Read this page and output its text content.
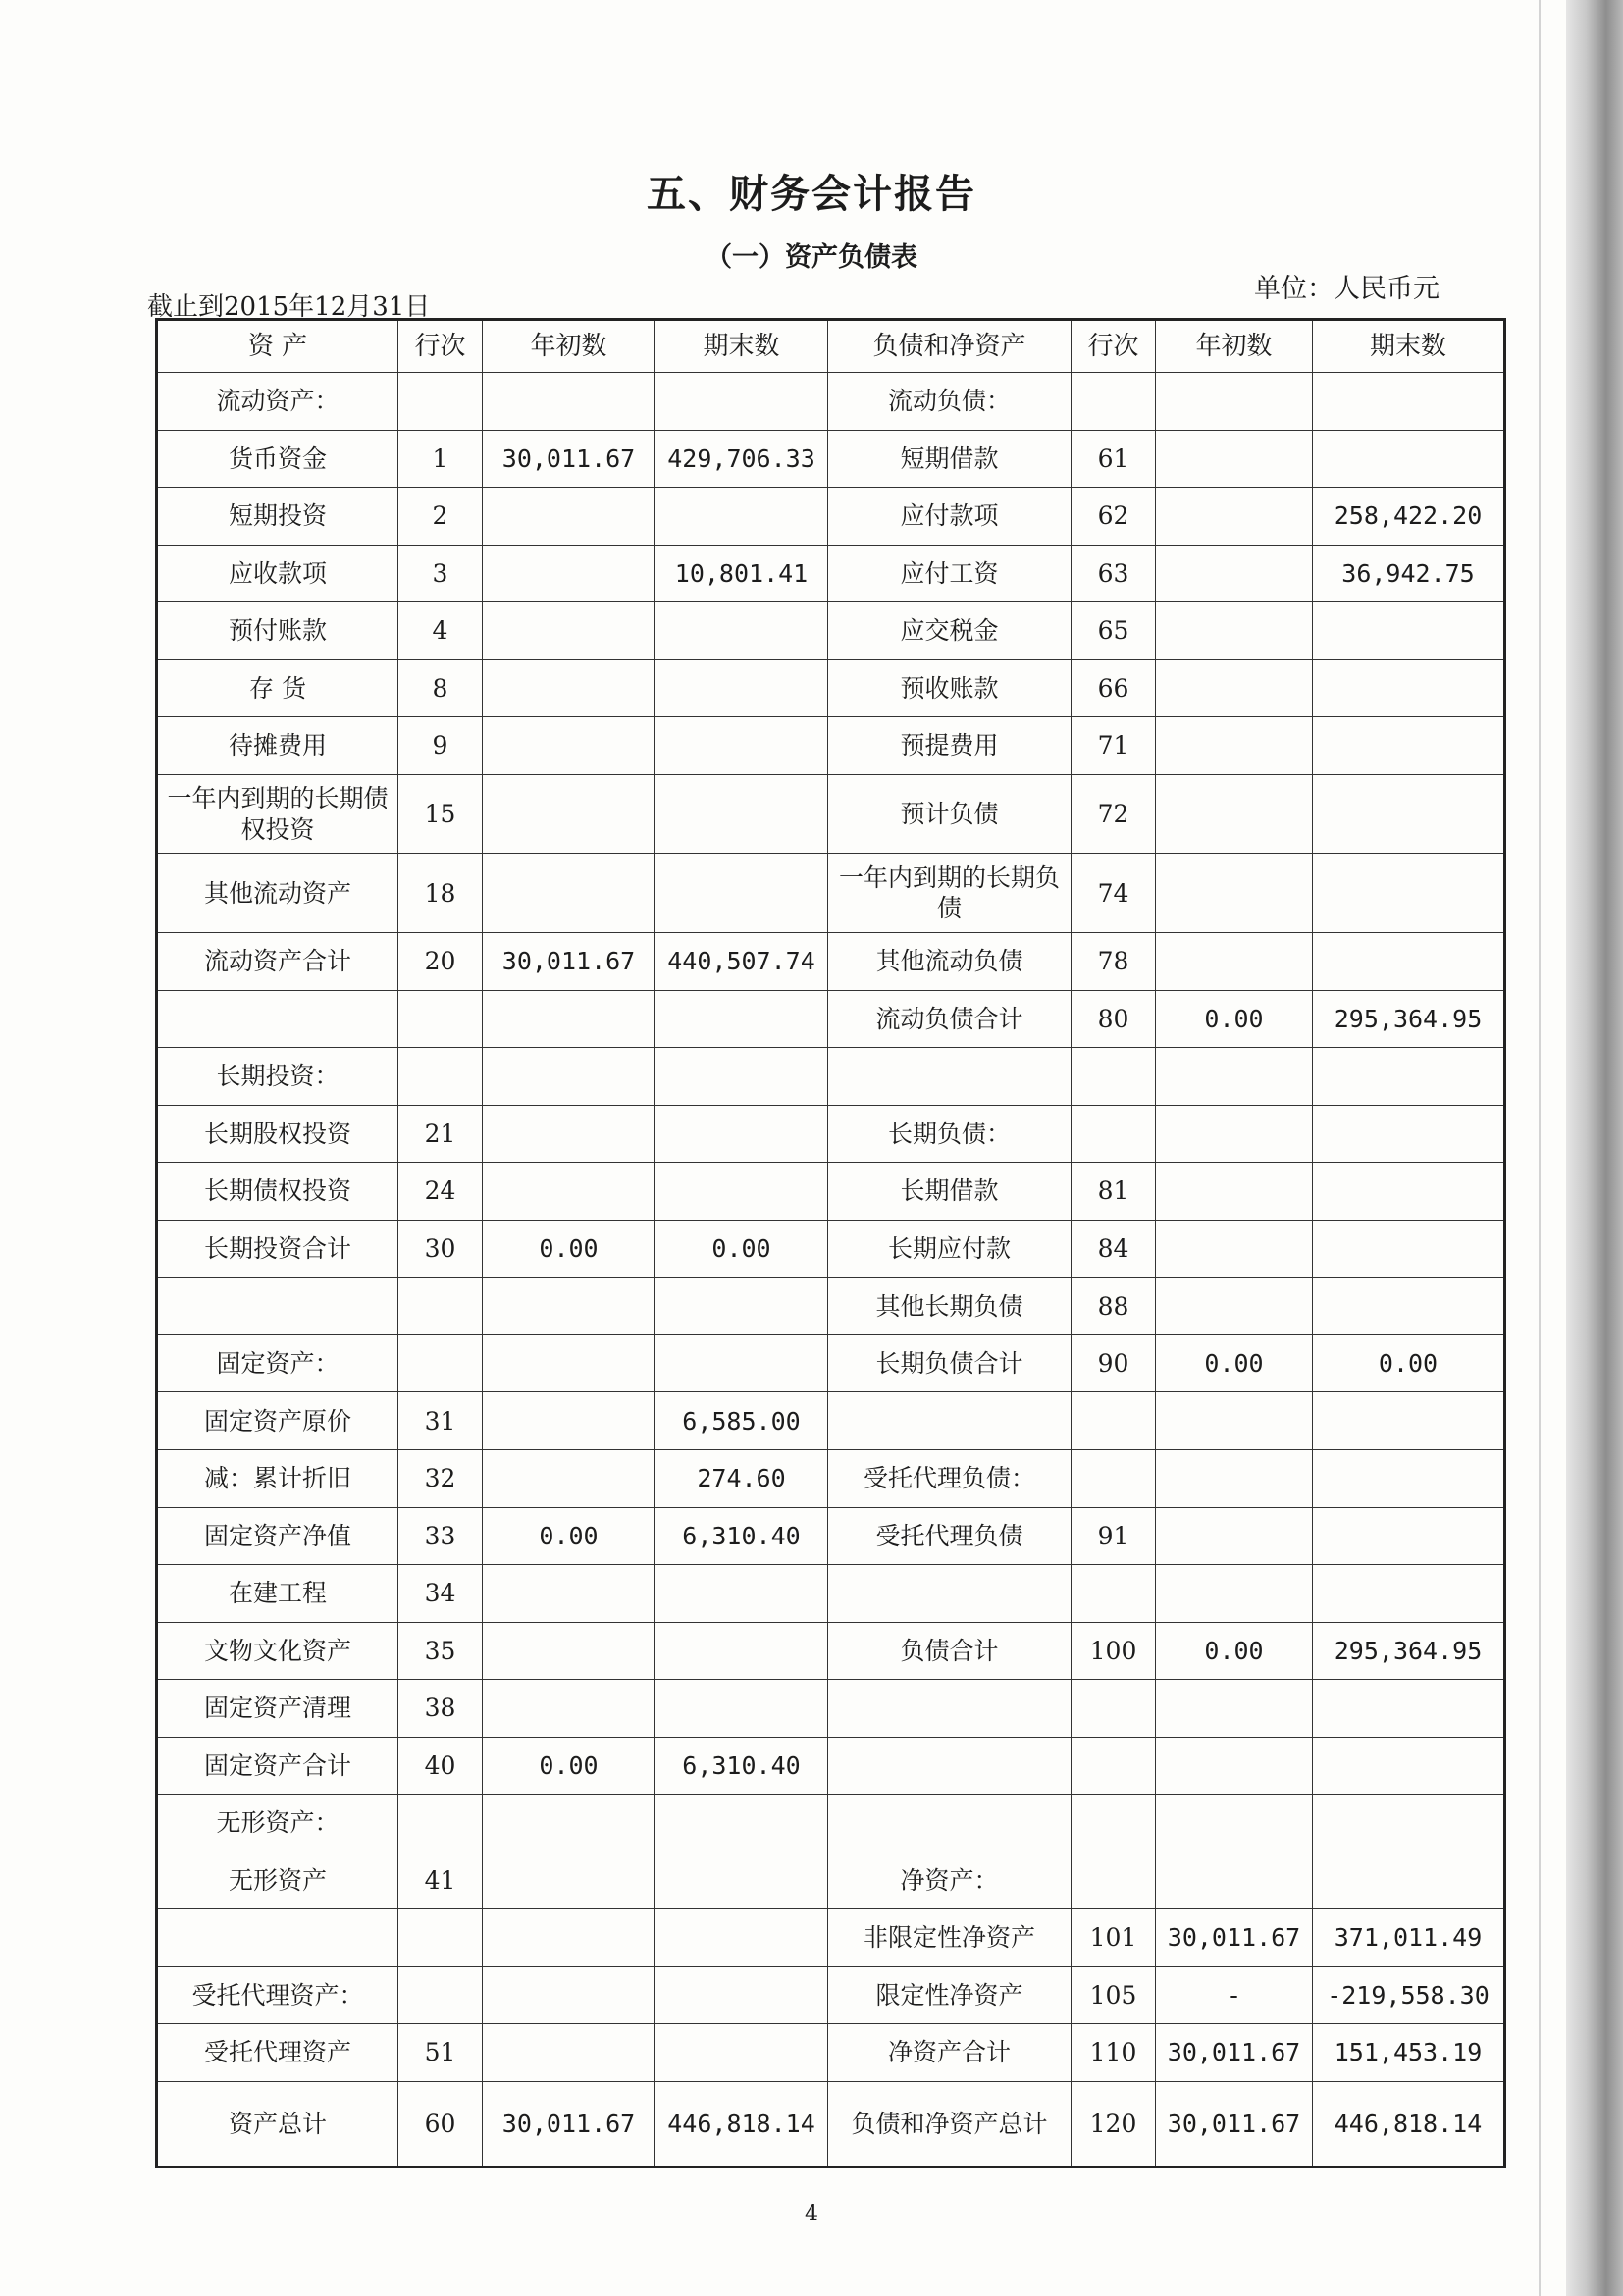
五、财务会计报告
（一）资产负债表
单位：人民币元
截止到2015年12月31日
资 产	行次	年初数	期末数	负债和净资产	行次	年初数	期末数
流动资产：				流动负债：			
货币资金	1	30,011.67	429,706.33	短期借款	61		
短期投资	2			应付款项	62		258,422.20
应收款项	3		10,801.41	应付工资	63		36,942.75
预付账款	4			应交税金	65		
存 货	8			预收账款	66		
待摊费用	9			预提费用	71		
一年内到期的长期债权投资	15			预计负债	72		
其他流动资产	18			一年内到期的长期负债	74		
流动资产合计	20	30,011.67	440,507.74	其他流动负债	78		
				流动负债合计	80	0.00	295,364.95
长期投资：							
长期股权投资	21			长期负债：			
长期债权投资	24			长期借款	81		
长期投资合计	30	0.00	0.00	长期应付款	84		
				其他长期负债	88		
固定资产：				长期负债合计	90	0.00	0.00
固定资产原价	31		6,585.00				
减：累计折旧	32		274.60	受托代理负债：			
固定资产净值	33	0.00	6,310.40	受托代理负债	91		
在建工程	34						
文物文化资产	35			负债合计	100	0.00	295,364.95
固定资产清理	38						
固定资产合计	40	0.00	6,310.40				
无形资产：							
无形资产	41			净资产：			
				非限定性净资产	101	30,011.67	371,011.49
受托代理资产：				限定性净资产	105	-	-219,558.30
受托代理资产	51			净资产合计	110	30,011.67	151,453.19
资产总计	60	30,011.67	446,818.14	负债和净资产总计	120	30,011.67	446,818.14
4
